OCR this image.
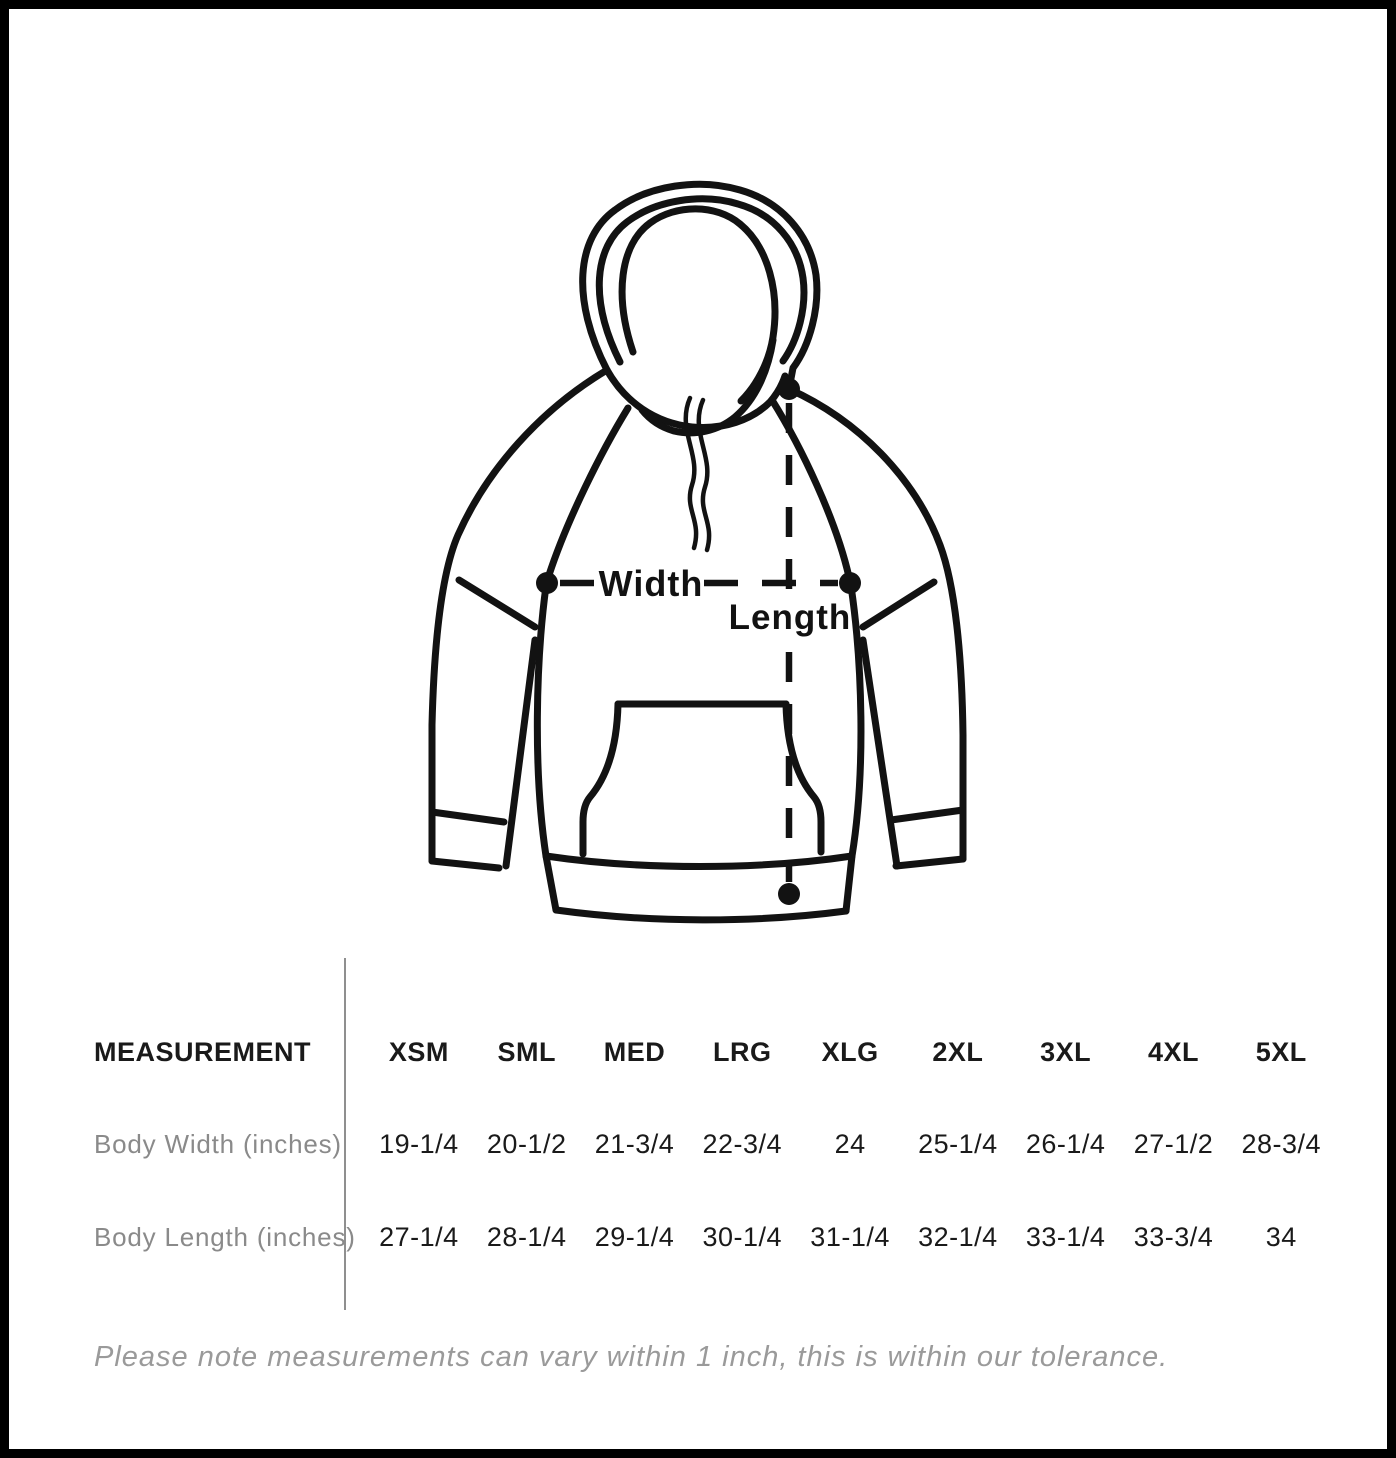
Width
Length
MEASUREMENT	XSM	SML	MED	LRG	XLG	2XL	3XL	4XL	5XL
Body Width (inches)	19-1/4	20-1/2	21-3/4	22-3/4	24	25-1/4	26-1/4	27-1/2	28-3/4
Body Length (inches) 27-1/4	28-1/4	29-1/4	30-1/4	31-1/4	32-1/4	33-1/4	33-3/4	34
Please note measurements can vary within 1 inch, this is within our tolerance.
